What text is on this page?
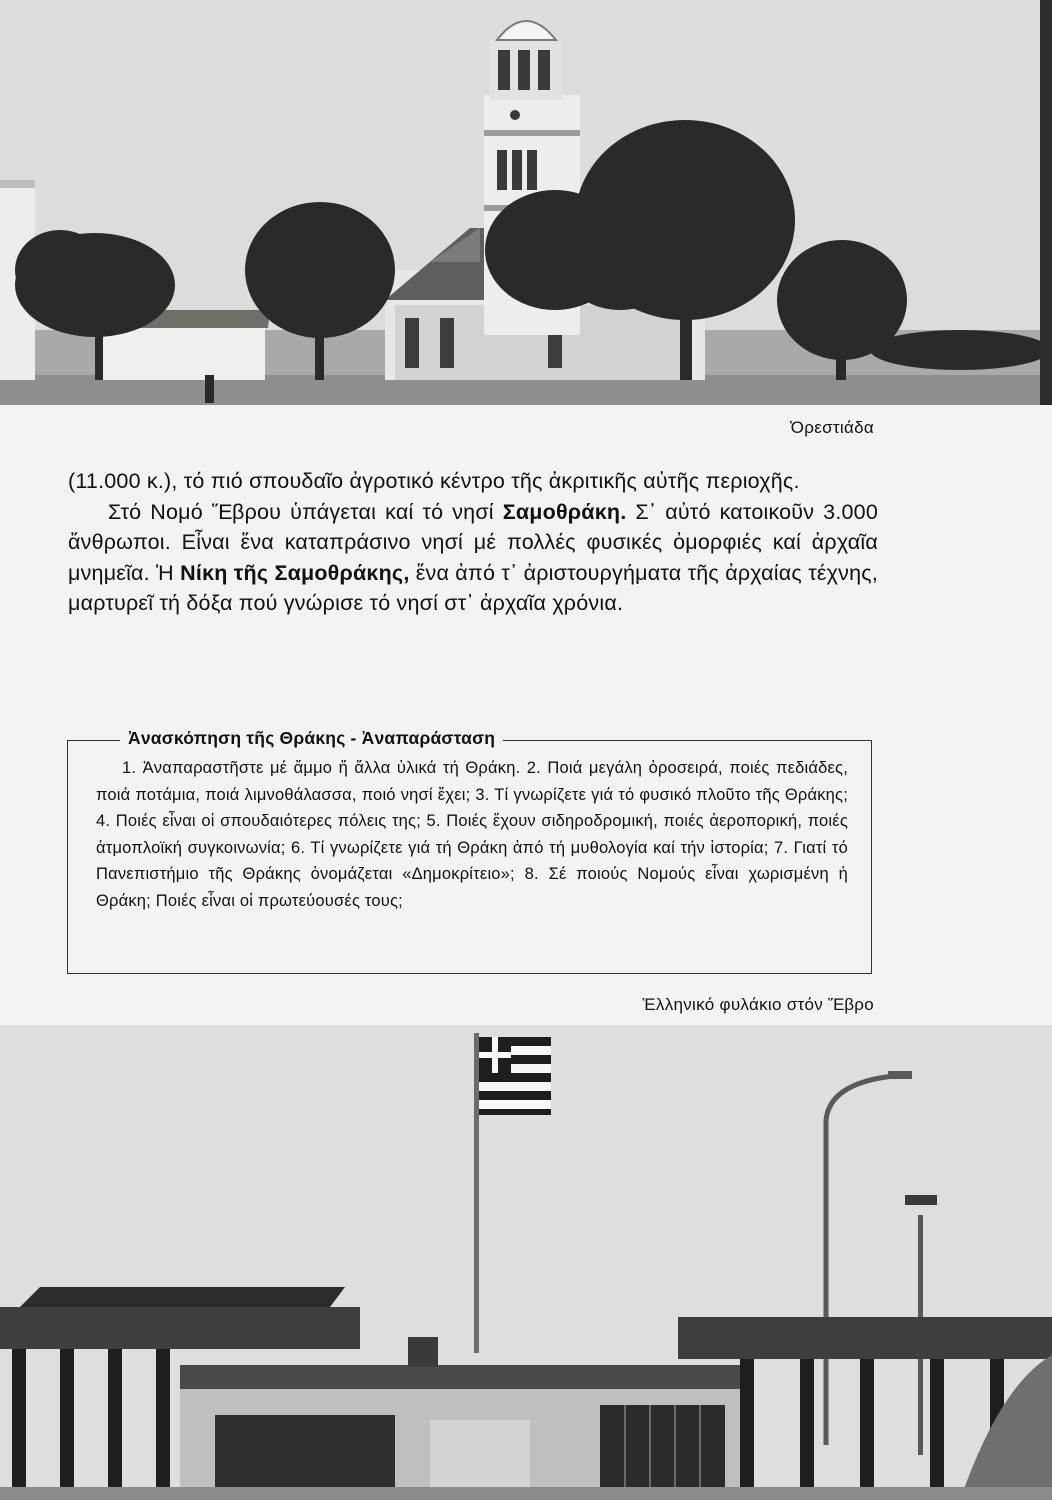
Ὀρεστιάδα

(11.000 κ.), τό πιό σπουδαῖο ἀγροτικό κέντρο τῆς ἀκριτικῆς αὐτῆς περιοχῆς.

Στό Νομό Ἕβρου ὑπάγεται καί τό νησί Σαμοθράκη. Σ᾽ αὐτό κατοικοῦν 3.000 ἄνθρωποι. Εἶναι ἕνα καταπράσινο νησί μέ πολλές φυσικές ὀμορφιές καί ἀρχαῖα μνημεῖα. Ἡ Νίκη τῆς Σαμοθράκης, ἕνα ἀπό τ᾽ ἀριστουργήματα τῆς ἀρχαίας τέχνης, μαρτυρεῖ τή δόξα πού γνώρισε τό νησί στ᾽ ἀρχαῖα χρόνια.

Ἀνασκόπηση τῆς Θράκης - Ἀναπαράσταση

1. Ἀναπαραστῆστε μέ ἄμμο ἤ ἄλλα ὑλικά τή Θράκη. 2. Ποιά μεγάλη ὀροσειρά, ποιές πεδιάδες, ποιά ποτάμια, ποιά λιμνοθάλασσα, ποιό νησί ἔχει; 3. Τί γνωρίζετε γιά τό φυσικό πλοῦτο τῆς Θράκης; 4. Ποιές εἶναι οἱ σπουδαιότερες πόλεις της; 5. Ποιές ἔχουν σιδηροδρομική, ποιές ἀεροπορική, ποιές ἀτμοπλοϊκή συγκοινωνία; 6. Τί γνωρίζετε γιά τή Θράκη ἀπό τή μυθολογία καί τήν ἱστορία; 7. Γιατί τό Πανεπιστήμιο τῆς Θράκης ὀνομάζεται «Δημοκρίτειο»; 8. Σέ ποιούς Νομούς εἶναι χωρισμένη ἡ Θράκη; Ποιές εἶναι οἱ πρωτεύουσές τους;

Ἑλληνικό φυλάκιο στόν Ἕβρο
